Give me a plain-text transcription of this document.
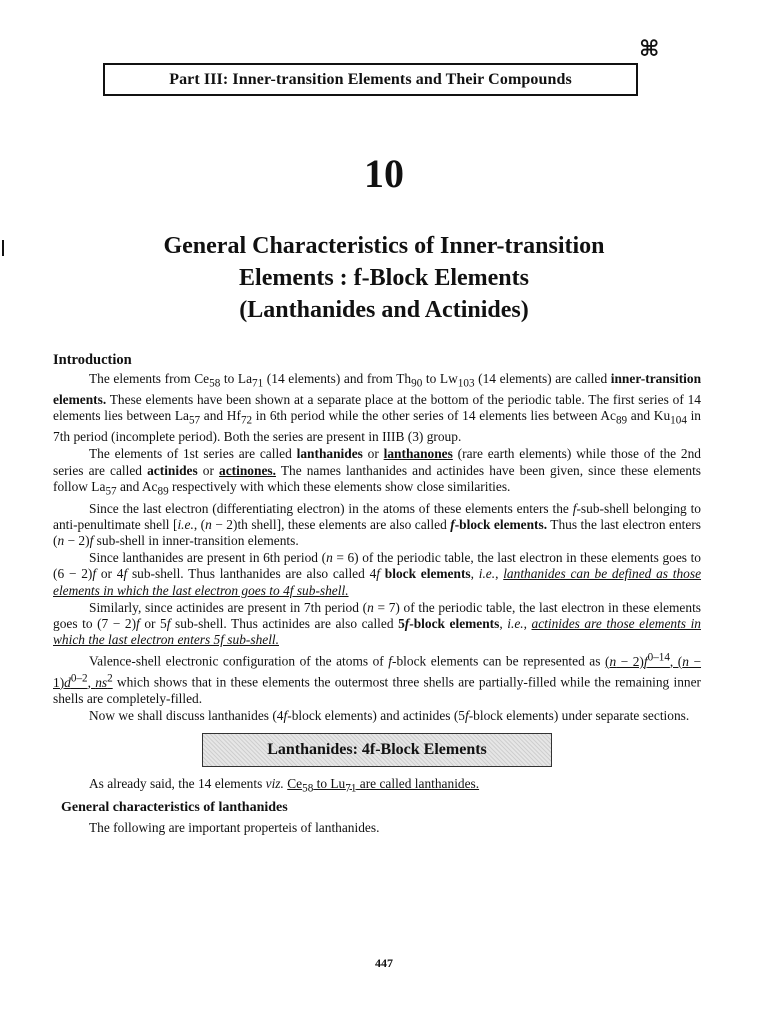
⌘
Part III: Inner-transition Elements and Their Compounds
10
General Characteristics of Inner-transition
Elements : f-Block Elements
(Lanthanides and Actinides)
Introduction

The elements from $Ce_{58}$ to $La_{71}$ (14 elements) and from $Th_{90}$ to $Lw_{103}$ (14 elements) are called inner-transition elements. These elements have been shown at a separate place at the bottom of the periodic table. The first series of 14 elements lies between $La_{57}$ and $Hf_{72}$ in 6th period while the other series of 14 elements lies between $Ac_{89}$ and $Ku_{104}$ in 7th period (incomplete period). Both the series are present in IIIB (3) group.

The elements of 1st series are called lanthanides or lanthanones (rare earth elements) while those of the 2nd series are called actinides or actinones. The names lanthanides and actinides have been given, since these elements follow $La_{57}$ and $Ac_{89}$ respectively with which these elements show close similarities.

Since the last electron (differentiating electron) in the atoms of these elements enters the f-sub-shell belonging to anti-penultimate shell [i.e., (n − 2)th shell], these elements are also called f-block elements. Thus the last electron enters (n − 2)f sub-shell in inner-transition elements.

Since lanthanides are present in 6th period (n = 6) of the periodic table, the last electron in these elements goes to (6 − 2)f or 4f sub-shell. Thus lanthanides are also called 4f block elements, i.e., lanthanides can be defined as those elements in which the last electron goes to 4f sub-shell.

Similarly, since actinides are present in 7th period (n = 7) of the periodic table, the last electron in these elements goes to (7 − 2)f or 5f sub-shell. Thus actinides are also called 5f-block elements, i.e., actinides are those elements in which the last electron enters 5f sub-shell.

Valence-shell electronic configuration of the atoms of f-block elements can be represented as $(n - 2)f^{0-14}$, $(n - 1)d^{0-2}$, $ns^2$ which shows that in these elements the outermost three shells are partially-filled while the remaining inner shells are completely-filled.

Now we shall discuss lanthanides (4f-block elements) and actinides (5f-block elements) under separate sections.

Lanthanides: 4f-Block Elements

As already said, the 14 elements viz. $Ce_{58}$ to $Lu_{71}$ are called lanthanides.

General characteristics of lanthanides

The following are important properteis of lanthanides.

447
